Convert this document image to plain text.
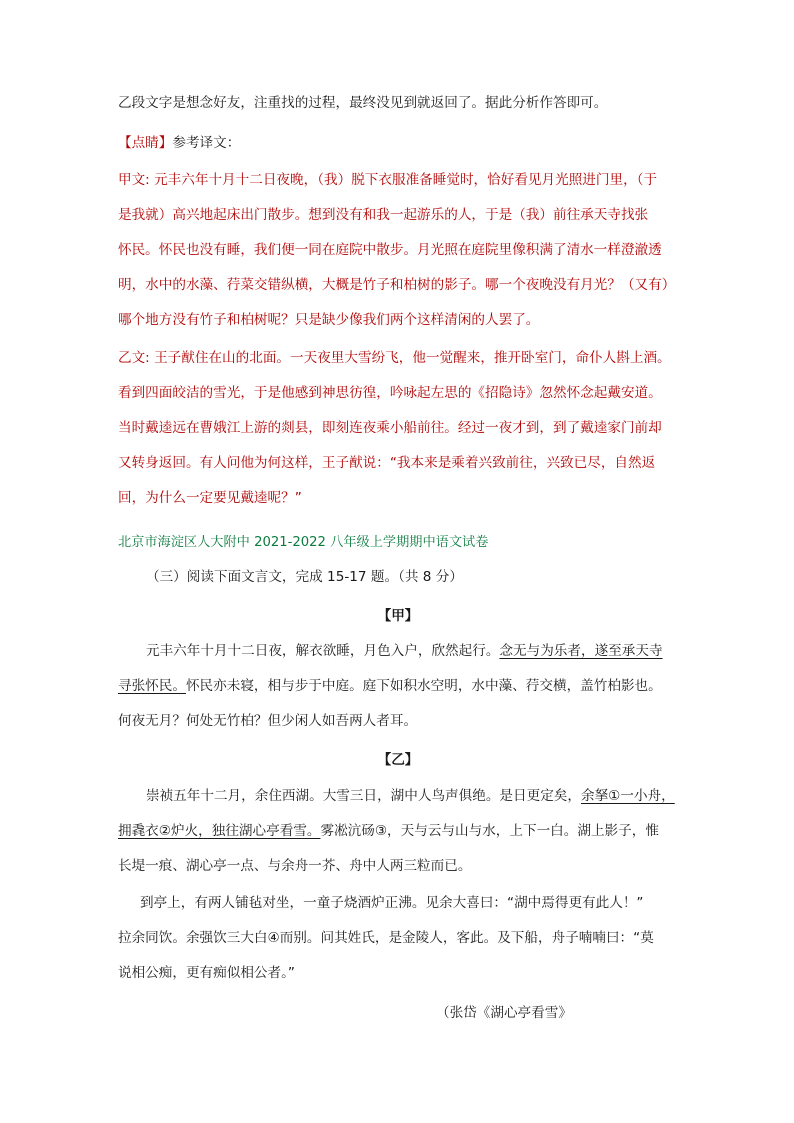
乙段文字是想念好友，注重找的过程，最终没见到就返回了。据此分析作答即可。

【点睛】参考译文：

甲文: 元丰六年十月十二日夜晚，（我）脱下衣服准备睡觉时，恰好看见月光照进门里，（于
是我就）高兴地起床出门散步。想到没有和我一起游乐的人，于是（我）前往承天寺找张
怀民。怀民也没有睡，我们便一同在庭院中散步。月光照在庭院里像积满了清水一样澄澈透
明，水中的水藻、荇菜交错纵横，大概是竹子和柏树的影子。哪一个夜晚没有月光？（又有）
哪个地方没有竹子和柏树呢？只是缺少像我们两个这样清闲的人罢了。
乙文: 王子猷住在山的北面。一天夜里大雪纷飞，他一觉醒来，推开卧室门，命仆人斟上酒。
看到四面皎洁的雪光，于是他感到神思彷徨，吟咏起左思的《招隐诗》忽然怀念起戴安道。
当时戴逵远在曹娥江上游的剡县，即刻连夜乘小船前往。经过一夜才到，到了戴逵家门前却
又转身返回。有人问他为何这样，王子猷说：“我本来是乘着兴致前往，兴致已尽，自然返
回，为什么一定要见戴逵呢？”

北京市海淀区人大附中 2021-2022 八年级上学期期中语文试卷

（三）阅读下面文言文，完成 15-17 题。（共 8 分）

【甲】

元丰六年十月十二日夜，解衣欲睡，月色入户，欣然起行。念无与为乐者，遂至承天寺
寻张怀民。怀民亦未寝，相与步于中庭。庭下如积水空明，水中藻、荇交横，盖竹柏影也。
何夜无月？何处无竹柏？但少闲人如吾两人者耳。

【乙】

崇祯五年十二月，余住西湖。大雪三日，湖中人鸟声俱绝。是日更定矣，余拏①一小舟，
拥毳衣②炉火，独往湖心亭看雪。雾凇沆砀③，天与云与山与水，上下一白。湖上影子，惟
长堤一痕、湖心亭一点、与余舟一芥、舟中人两三粒而已。
到亭上，有两人铺毡对坐，一童子烧酒炉正沸。见余大喜曰：“湖中焉得更有此人！”
拉余同饮。余强饮三大白④而别。问其姓氏，是金陵人，客此。及下船，舟子喃喃曰：“莫
说相公痴，更有痴似相公者。”

（张岱《湖心亭看雪》
